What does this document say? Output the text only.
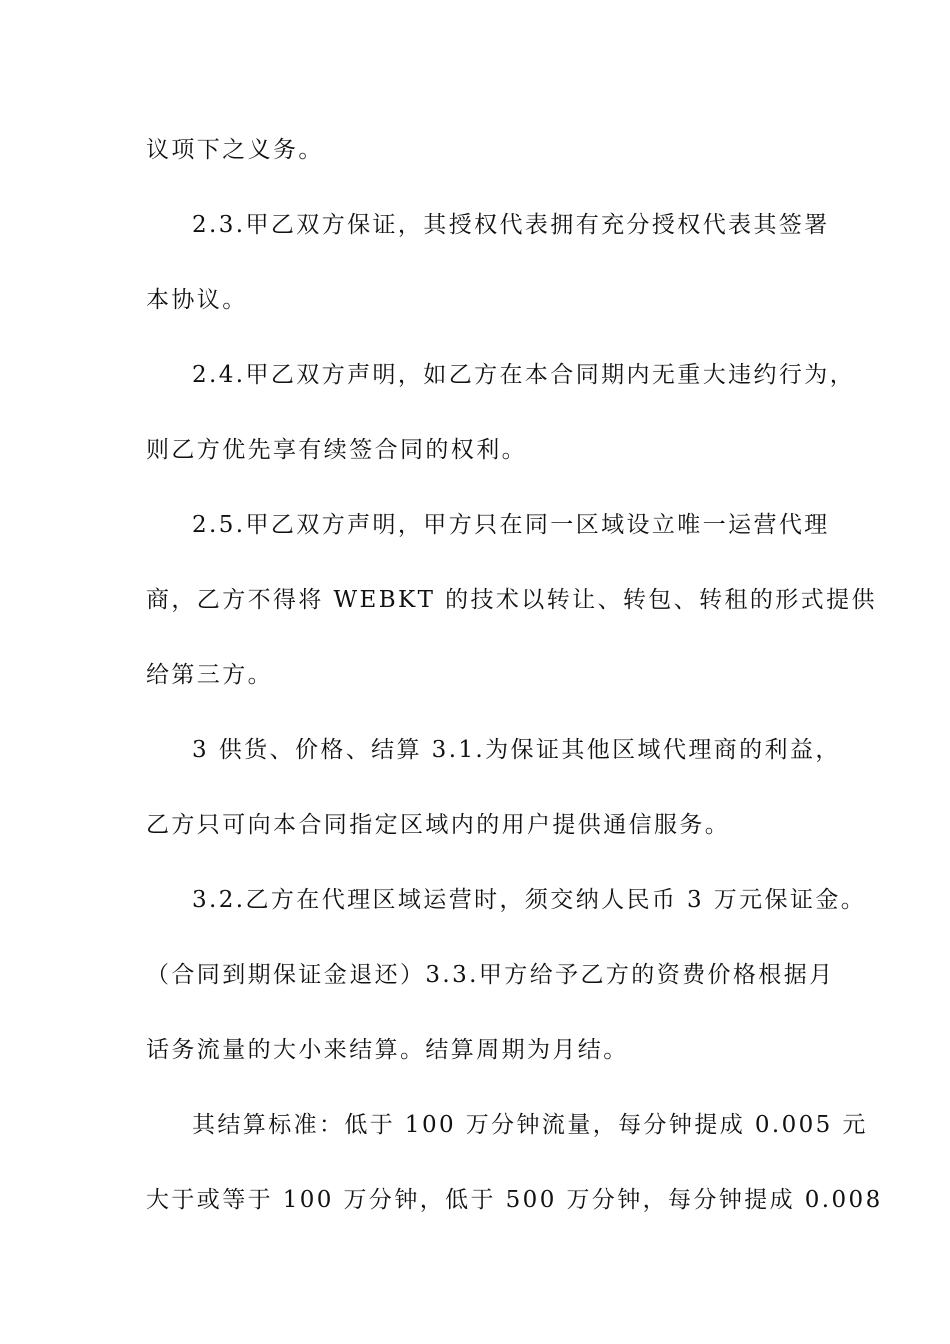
议项下之义务。
2.3.甲乙双方保证，其授权代表拥有充分授权代表其签署
本协议。
2.4.甲乙双方声明，如乙方在本合同期内无重大违约行为，
则乙方优先享有续签合同的权利。
2.5.甲乙双方声明，甲方只在同一区域设立唯一运营代理
商，乙方不得将 WEBKT 的技术以转让、转包、转租的形式提供
给第三方。
3 供货、价格、结算 3.1.为保证其他区域代理商的利益，
乙方只可向本合同指定区域内的用户提供通信服务。
3.2.乙方在代理区域运营时，须交纳人民币 3 万元保证金。
（合同到期保证金退还）3.3.甲方给予乙方的资费价格根据月
话务流量的大小来结算。结算周期为月结。
其结算标准：低于 100 万分钟流量，每分钟提成 0.005 元
大于或等于 100 万分钟，低于 500 万分钟，每分钟提成 0.008
